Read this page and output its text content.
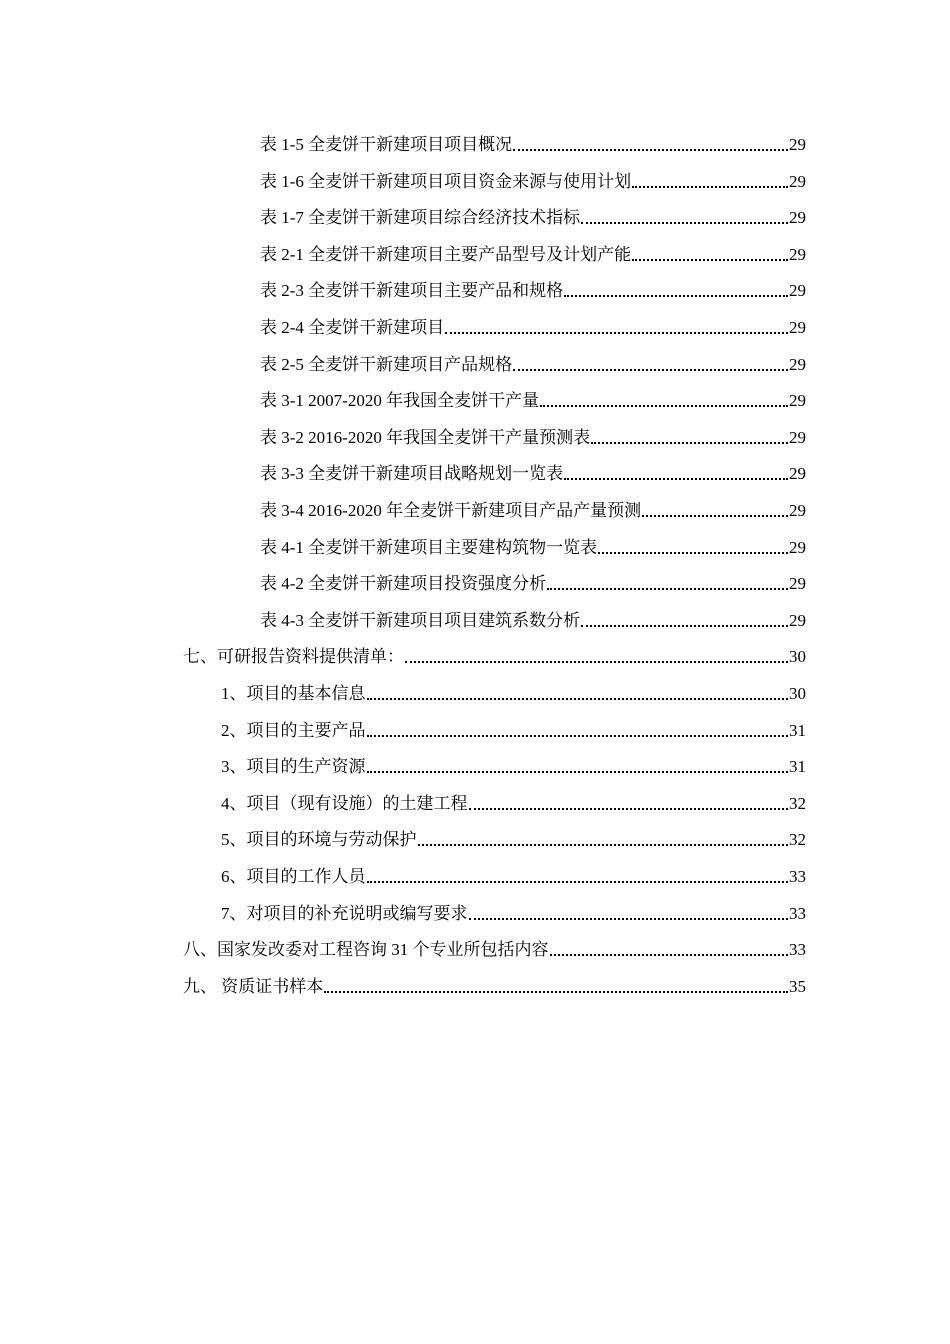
表 1-5 全麦饼干新建项目项目概况	29
表 1-6 全麦饼干新建项目项目资金来源与使用计划	29
表 1-7 全麦饼干新建项目综合经济技术指标	29
表 2-1 全麦饼干新建项目主要产品型号及计划产能	29
表 2-3 全麦饼干新建项目主要产品和规格	29
表 2-4 全麦饼干新建项目	29
表 2-5 全麦饼干新建项目产品规格	29
表 3-1 2007-2020 年我国全麦饼干产量	29
表 3-2 2016-2020 年我国全麦饼干产量预测表	29
表 3-3 全麦饼干新建项目战略规划一览表	29
表 3-4 2016-2020 年全麦饼干新建项目产品产量预测	29
表 4-1 全麦饼干新建项目主要建构筑物一览表	29
表 4-2 全麦饼干新建项目投资强度分析	29
表 4-3 全麦饼干新建项目项目建筑系数分析	29
七、可研报告资料提供清单：	30
1、项目的基本信息	30
2、项目的主要产品	31
3、项目的生产资源	31
4、项目（现有设施）的土建工程	32
5、项目的环境与劳动保护	32
6、项目的工作人员	33
7、对项目的补充说明或编写要求	33
八、国家发改委对工程咨询 31 个专业所包括内容	33
九、 资质证书样本	35
